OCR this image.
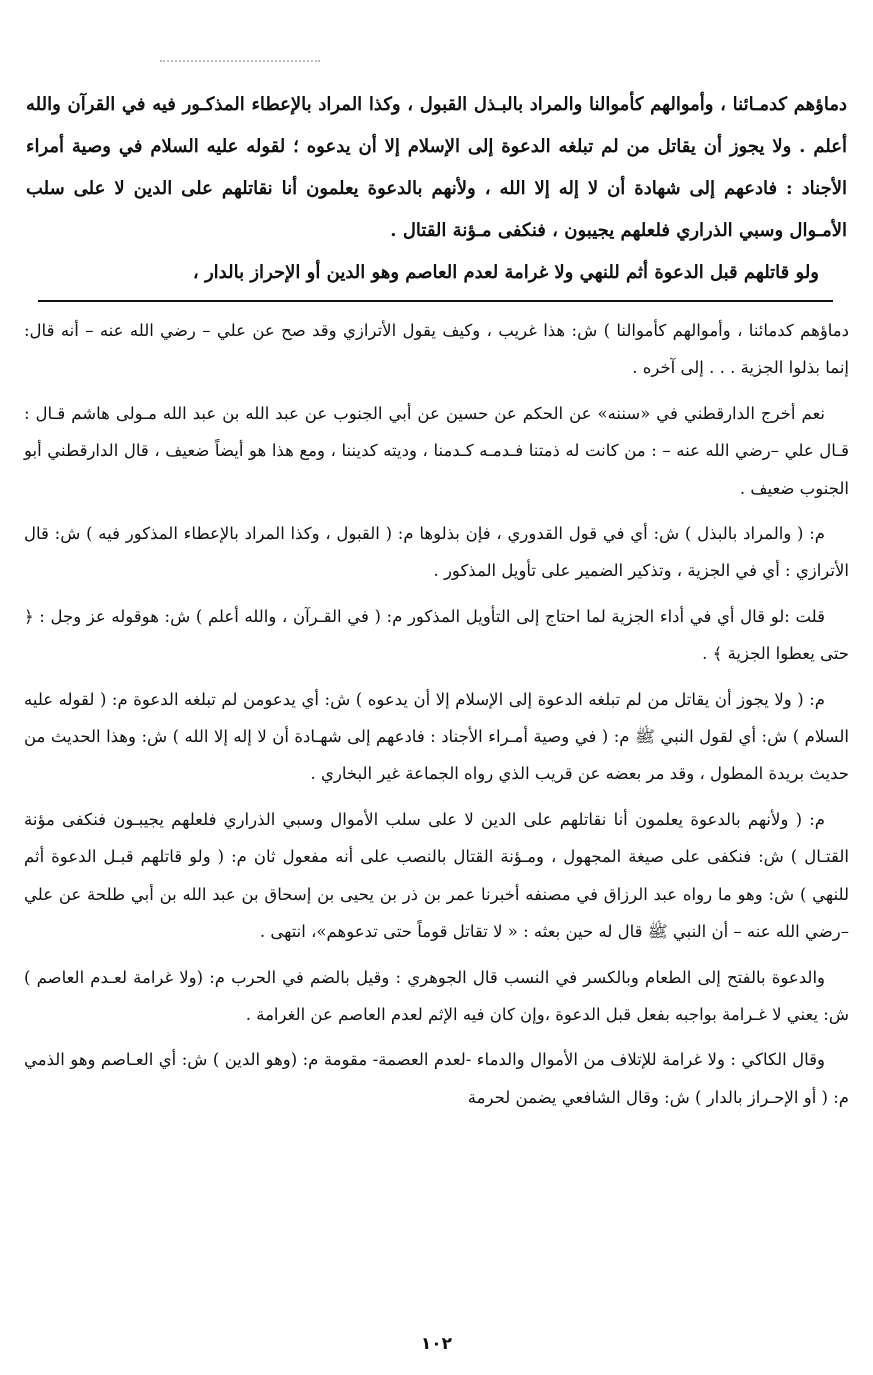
دماؤهم كدمـائنا ، وأموالهم كأموالنا والمراد بالبـذل القبول ، وكذا المراد بالإعطاء المذكـور فيه في القرآن والله أعلم . ولا يجوز أن يقاتل من لم تبلغه الدعوة إلى الإسلام إلا أن يدعوه ؛ لقوله عليه السلام في وصية أمراء الأجناد : فادعهم إلى شهادة أن لا إله إلا الله ، ولأنهم بالدعوة يعلمون أنا نقاتلهم على الدين لا على سلب الأمـوال وسبي الذراري فلعلهم يجيبون ، فنكفى مـؤنة القتال .

ولو قاتلهم قبل الدعوة أثم للنهي ولا غرامة لعدم العاصم وهو الدين أو الإحراز بالدار ،

دماؤهم كدمائنا ، وأموالهم كأموالنا ) ش: هذا غريب ، وكيف يقول الأترازي وقد صح عن علي – رضي الله عنه – أنه قال: إنما بذلوا الجزية . . . إلى آخره .

نعم أخرج الدارقطني في «سننه» عن الحكم عن حسين عن أبي الجنوب عن عبد الله بن عبد الله مـولى هاشم قـال : قـال علي –رضي الله عنه – : من كانت له ذمتنا فـدمـه كـدمنا ، وديته كديننا ، ومع هذا هو أيضاً ضعيف ، قال الدارقطني أبو الجنوب ضعيف .

م: ( والمراد بالبذل ) ش: أي في قول القدوري ، فإن بذلوها م: ( القبول ، وكذا المراد بالإعطاء المذكور فيه ) ش: قال الأترازي : أي في الجزية ، وتذكير الضمير على تأويل المذكور .

قلت :لو قال أي في أداء الجزية لما احتاج إلى التأويل المذكور م: ( في القـرآن ، والله أعلم ) ش: هوقوله عز وجل : ﴿ حتى يعطوا الجزية ﴾ .

م: ( ولا يجوز أن يقاتل من لم تبلغه الدعوة إلى الإسلام إلا أن يدعوه ) ش: أي يدعومن لم تبلغه الدعوة م: ( لقوله عليه السلام ) ش: أي لقول النبي ﷺ م: ( في وصية أمـراء الأجناد : فادعهم إلى شهـادة أن لا إله إلا الله ) ش: وهذا الحديث من حديث بريدة المطول ، وقد مر بعضه عن قريب الذي رواه الجماعة غير البخاري .

م: ( ولأنهم بالدعوة يعلمون أنا نقاتلهم على الدين لا على سلب الأموال وسبي الذراري فلعلهم يجيبـون فنكفى مؤنة القتـال ) ش: فنكفى على صيغة المجهول ، ومـؤنة القتال بالنصب على أنه مفعول ثان م: ( ولو قاتلهم قبـل الدعوة أثم للنهي ) ش: وهو ما رواه عبد الرزاق في مصنفه أخبرنا عمر بن ذر بن يحيى بن إسحاق بن عبد الله بن أبي طلحة عن علي –رضي الله عنه – أن النبي ﷺ قال له حين بعثه : « لا تقاتل قوماً حتى تدعوهم»، انتهى .

والدعوة بالفتح إلى الطعام وبالكسر في النسب قال الجوهري : وقيل بالضم في الحرب م: (ولا غرامة لعـدم العاصم ) ش: يعني لا غـرامة بواجبه بفعل قبل الدعوة ،وإن كان فيه الإثم لعدم العاصم عن الغرامة .

وقال الكاكي : ولا غرامة للإتلاف من الأموال والدماء -لعدم العصمة- مقومة م: (وهو الدين ) ش: أي العـاصم وهو الذمي م: ( أو الإحـراز بالدار ) ش: وقال الشافعي يضمن لحرمة

١٠٢
